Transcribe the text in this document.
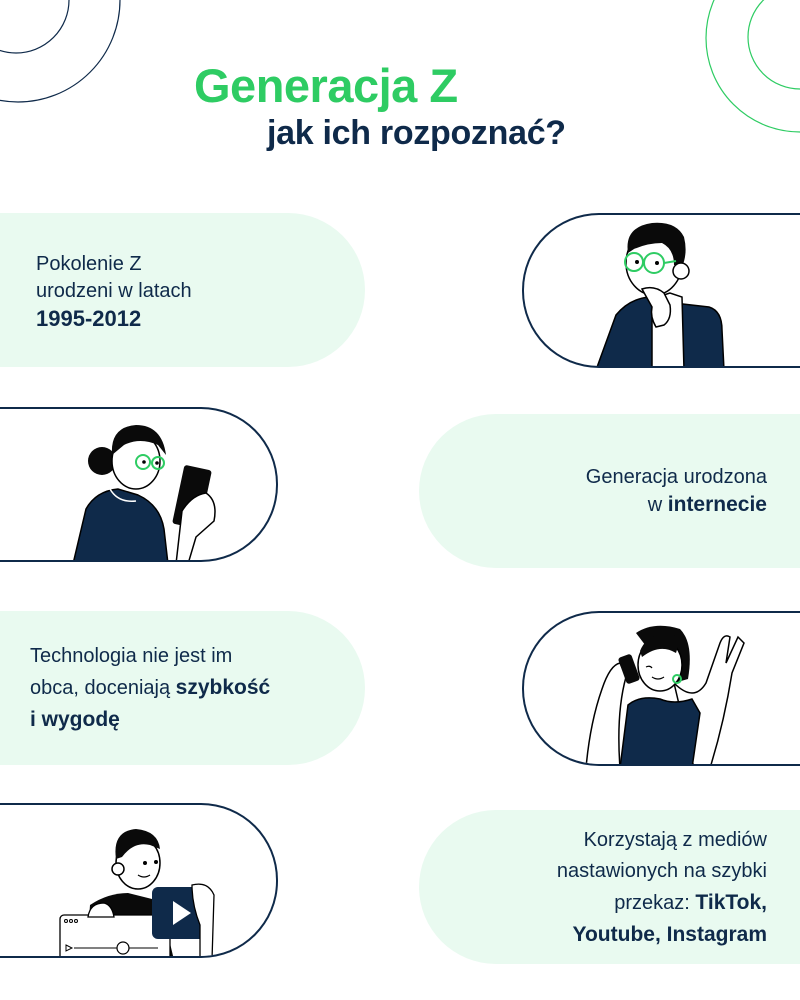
Generacja Z
jak ich rozpoznać?
Pokolenie Z
urodzeni w latach
1995-2012
Generacja urodzona
w internecie
Technologia nie jest im
obca, doceniają szybkość
i wygodę
Korzystają z mediów
nastawionych na szybki
przekaz: TikTok,
Youtube, Instagram
